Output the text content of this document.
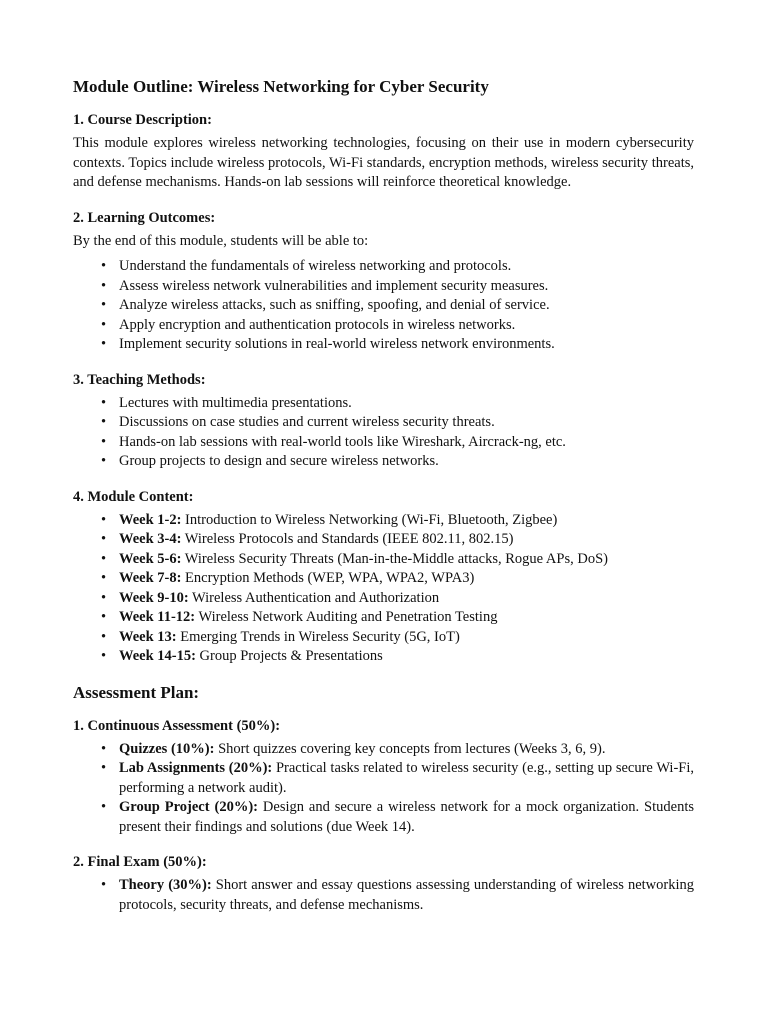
Module Outline: Wireless Networking for Cyber Security
1. Course Description:

This module explores wireless networking technologies, focusing on their use in modern cybersecurity contexts. Topics include wireless protocols, Wi-Fi standards, encryption methods, wireless security threats, and defense mechanisms. Hands-on lab sessions will reinforce theoretical knowledge.

2. Learning Outcomes:

By the end of this module, students will be able to:

• Understand the fundamentals of wireless networking and protocols.
• Assess wireless network vulnerabilities and implement security measures.
• Analyze wireless attacks, such as sniffing, spoofing, and denial of service.
• Apply encryption and authentication protocols in wireless networks.
• Implement security solutions in real-world wireless network environments.
3. Teaching Methods:
• Lectures with multimedia presentations.
• Discussions on case studies and current wireless security threats.
• Hands-on lab sessions with real-world tools like Wireshark, Aircrack-ng, etc.
• Group projects to design and secure wireless networks.
4. Module Content:
• Week 1-2: Introduction to Wireless Networking (Wi-Fi, Bluetooth, Zigbee)
• Week 3-4: Wireless Protocols and Standards (IEEE 802.11, 802.15)
• Week 5-6: Wireless Security Threats (Man-in-the-Middle attacks, Rogue APs, DoS)
• Week 7-8: Encryption Methods (WEP, WPA, WPA2, WPA3)
• Week 9-10: Wireless Authentication and Authorization
• Week 11-12: Wireless Network Auditing and Penetration Testing
• Week 13: Emerging Trends in Wireless Security (5G, IoT)
• Week 14-15: Group Projects & Presentations
Assessment Plan:
1. Continuous Assessment (50%):
• Quizzes (10%): Short quizzes covering key concepts from lectures (Weeks 3, 6, 9).
• Lab Assignments (20%): Practical tasks related to wireless security (e.g., setting up secure Wi-Fi, performing a network audit).
• Group Project (20%): Design and secure a wireless network for a mock organization. Students present their findings and solutions (due Week 14).
2. Final Exam (50%):
• Theory (30%): Short answer and essay questions assessing understanding of wireless networking protocols, security threats, and defense mechanisms.
